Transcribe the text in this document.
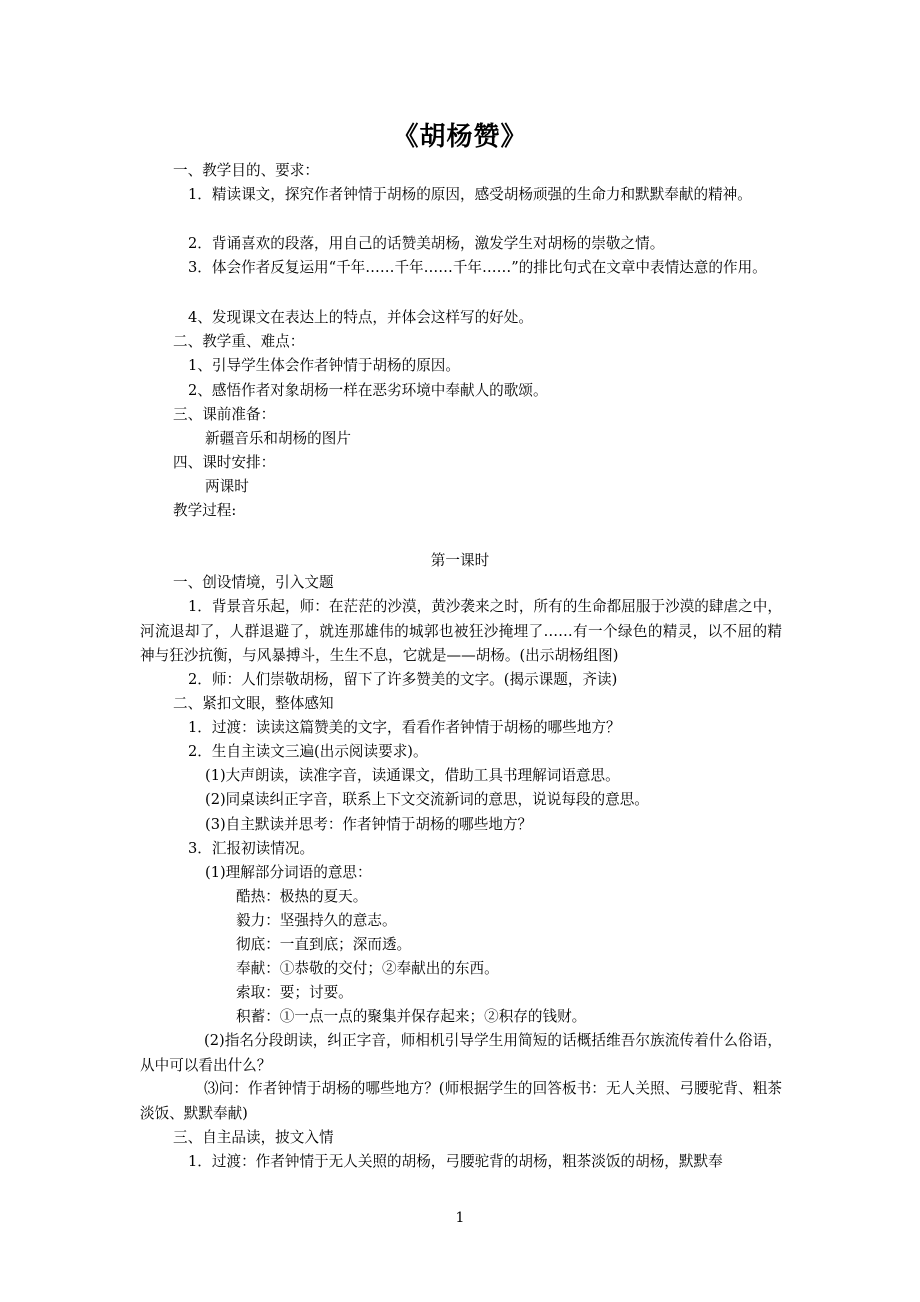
《胡杨赞》
一、教学目的、要求：
1．精读课文，探究作者钟情于胡杨的原因，感受胡杨顽强的生命力和默默奉献的精神。
2．背诵喜欢的段落，用自己的话赞美胡杨，激发学生对胡杨的崇敬之情。
3．体会作者反复运用“千年……千年……千年……”的排比句式在文章中表情达意的作用。
4、发现课文在表达上的特点，并体会这样写的好处。
二、教学重、难点：
1、引导学生体会作者钟情于胡杨的原因。
2、感悟作者对象胡杨一样在恶劣环境中奉献人的歌颂。
三、课前准备：
新疆音乐和胡杨的图片
四、课时安排：
两课时
教学过程:
第一课时
一、创设情境，引入文题
1．背景音乐起，师：在茫茫的沙漠，黄沙袭来之时，所有的生命都屈服于沙漠的肆虐之中，河流退却了，人群退避了，就连那雄伟的城郭也被狂沙掩埋了……有一个绿色的精灵，以不屈的精神与狂沙抗衡，与风暴搏斗，生生不息，它就是——胡杨。(出示胡杨组图)
2．师：人们崇敬胡杨，留下了许多赞美的文字。(揭示课题，齐读)
二、紧扣文眼，整体感知
1．过渡：读读这篇赞美的文字，看看作者钟情于胡杨的哪些地方？
2．生自主读文三遍(出示阅读要求)。
(1)大声朗读，读准字音，读通课文，借助工具书理解词语意思。
(2)同桌读纠正字音，联系上下文交流新词的意思，说说每段的意思。
(3)自主默读并思考：作者钟情于胡杨的哪些地方？
3．汇报初读情况。
(1)理解部分词语的意思：
酷热：极热的夏天。
毅力：坚强持久的意志。
彻底：一直到底；深而透。
奉献：①恭敬的交付；②奉献出的东西。
索取：要；讨要。
积蓄：①一点一点的聚集并保存起来；②积存的钱财。
(2)指名分段朗读，纠正字音，师相机引导学生用简短的话概括维吾尔族流传着什么俗语，从中可以看出什么？
⑶问：作者钟情于胡杨的哪些地方？(师根据学生的回答板书：无人关照、弓腰驼背、粗茶淡饭、默默奉献)
三、自主品读，披文入情
1．过渡：作者钟情于无人关照的胡杨，弓腰驼背的胡杨，粗茶淡饭的胡杨，默默奉
1
